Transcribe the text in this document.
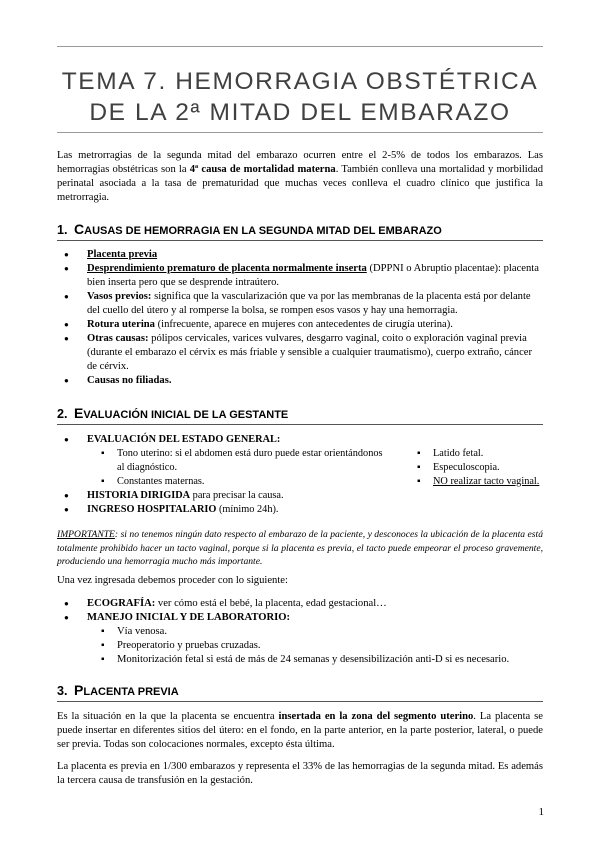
TEMA 7. HEMORRAGIA OBSTÉTRICA
DE LA 2ª MITAD DEL EMBARAZO
Las metrorragias de la segunda mitad del embarazo ocurren entre el 2-5% de todos los embarazos. Las hemorragias obstétricas son la 4ª causa de mortalidad materna. También conlleva una mortalidad y morbilidad perinatal asociada a la tasa de prematuridad que muchas veces conlleva el cuadro clínico que justifica la metrorragia.
1. CAUSAS DE HEMORRAGIA EN LA SEGUNDA MITAD DEL EMBARAZO
● Placenta previa
● Desprendimiento prematuro de placenta normalmente inserta (DPPNI o Abruptio placentae): placenta bien inserta pero que se desprende intraútero.
● Vasos previos: significa que la vascularización que va por las membranas de la placenta está por delante del cuello del útero y al romperse la bolsa, se rompen esos vasos y hay una hemorragia.
● Rotura uterina (infrecuente, aparece en mujeres con antecedentes de cirugía uterina).
● Otras causas: pólipos cervicales, varices vulvares, desgarro vaginal, coito o exploración vaginal previa (durante el embarazo el cérvix es más friable y sensible a cualquier traumatismo), cuerpo extraño, cáncer de cérvix.
● Causas no filiadas.
2. EVALUACIÓN INICIAL DE LA GESTANTE
● EVALUACIÓN DEL ESTADO GENERAL:
▪ Tono uterino: si el abdomen está duro puede estar orientándonos al diagnóstico.
▪ Constantes maternas.
▪ Latido fetal.
▪ Especuloscopia.
▪ NO realizar tacto vaginal.
● HISTORIA DIRIGIDA para precisar la causa.
● INGRESO HOSPITALARIO (mínimo 24h).
IMPORTANTE: si no tenemos ningún dato respecto al embarazo de la paciente, y desconoces la ubicación de la placenta está totalmente prohibido hacer un tacto vaginal, porque si la placenta es previa, el tacto puede empeorar el proceso gravemente, produciendo una hemorragia mucho más importante.
Una vez ingresada debemos proceder con lo siguiente:
● ECOGRAFÍA: ver cómo está el bebé, la placenta, edad gestacional…
● MANEJO INICIAL Y DE LABORATORIO:
▪ Vía venosa.
▪ Preoperatorio y pruebas cruzadas.
▪ Monitorización fetal si está de más de 24 semanas y desensibilización anti-D si es necesario.
3. PLACENTA PREVIA
Es la situación en la que la placenta se encuentra insertada en la zona del segmento uterino. La placenta se puede insertar en diferentes sitios del útero: en el fondo, en la parte anterior, en la parte posterior, lateral, o puede ser previa. Todas son colocaciones normales, excepto ésta última.
La placenta es previa en 1/300 embarazos y representa el 33% de las hemorragias de la segunda mitad. Es además la tercera causa de transfusión en la gestación.
1
